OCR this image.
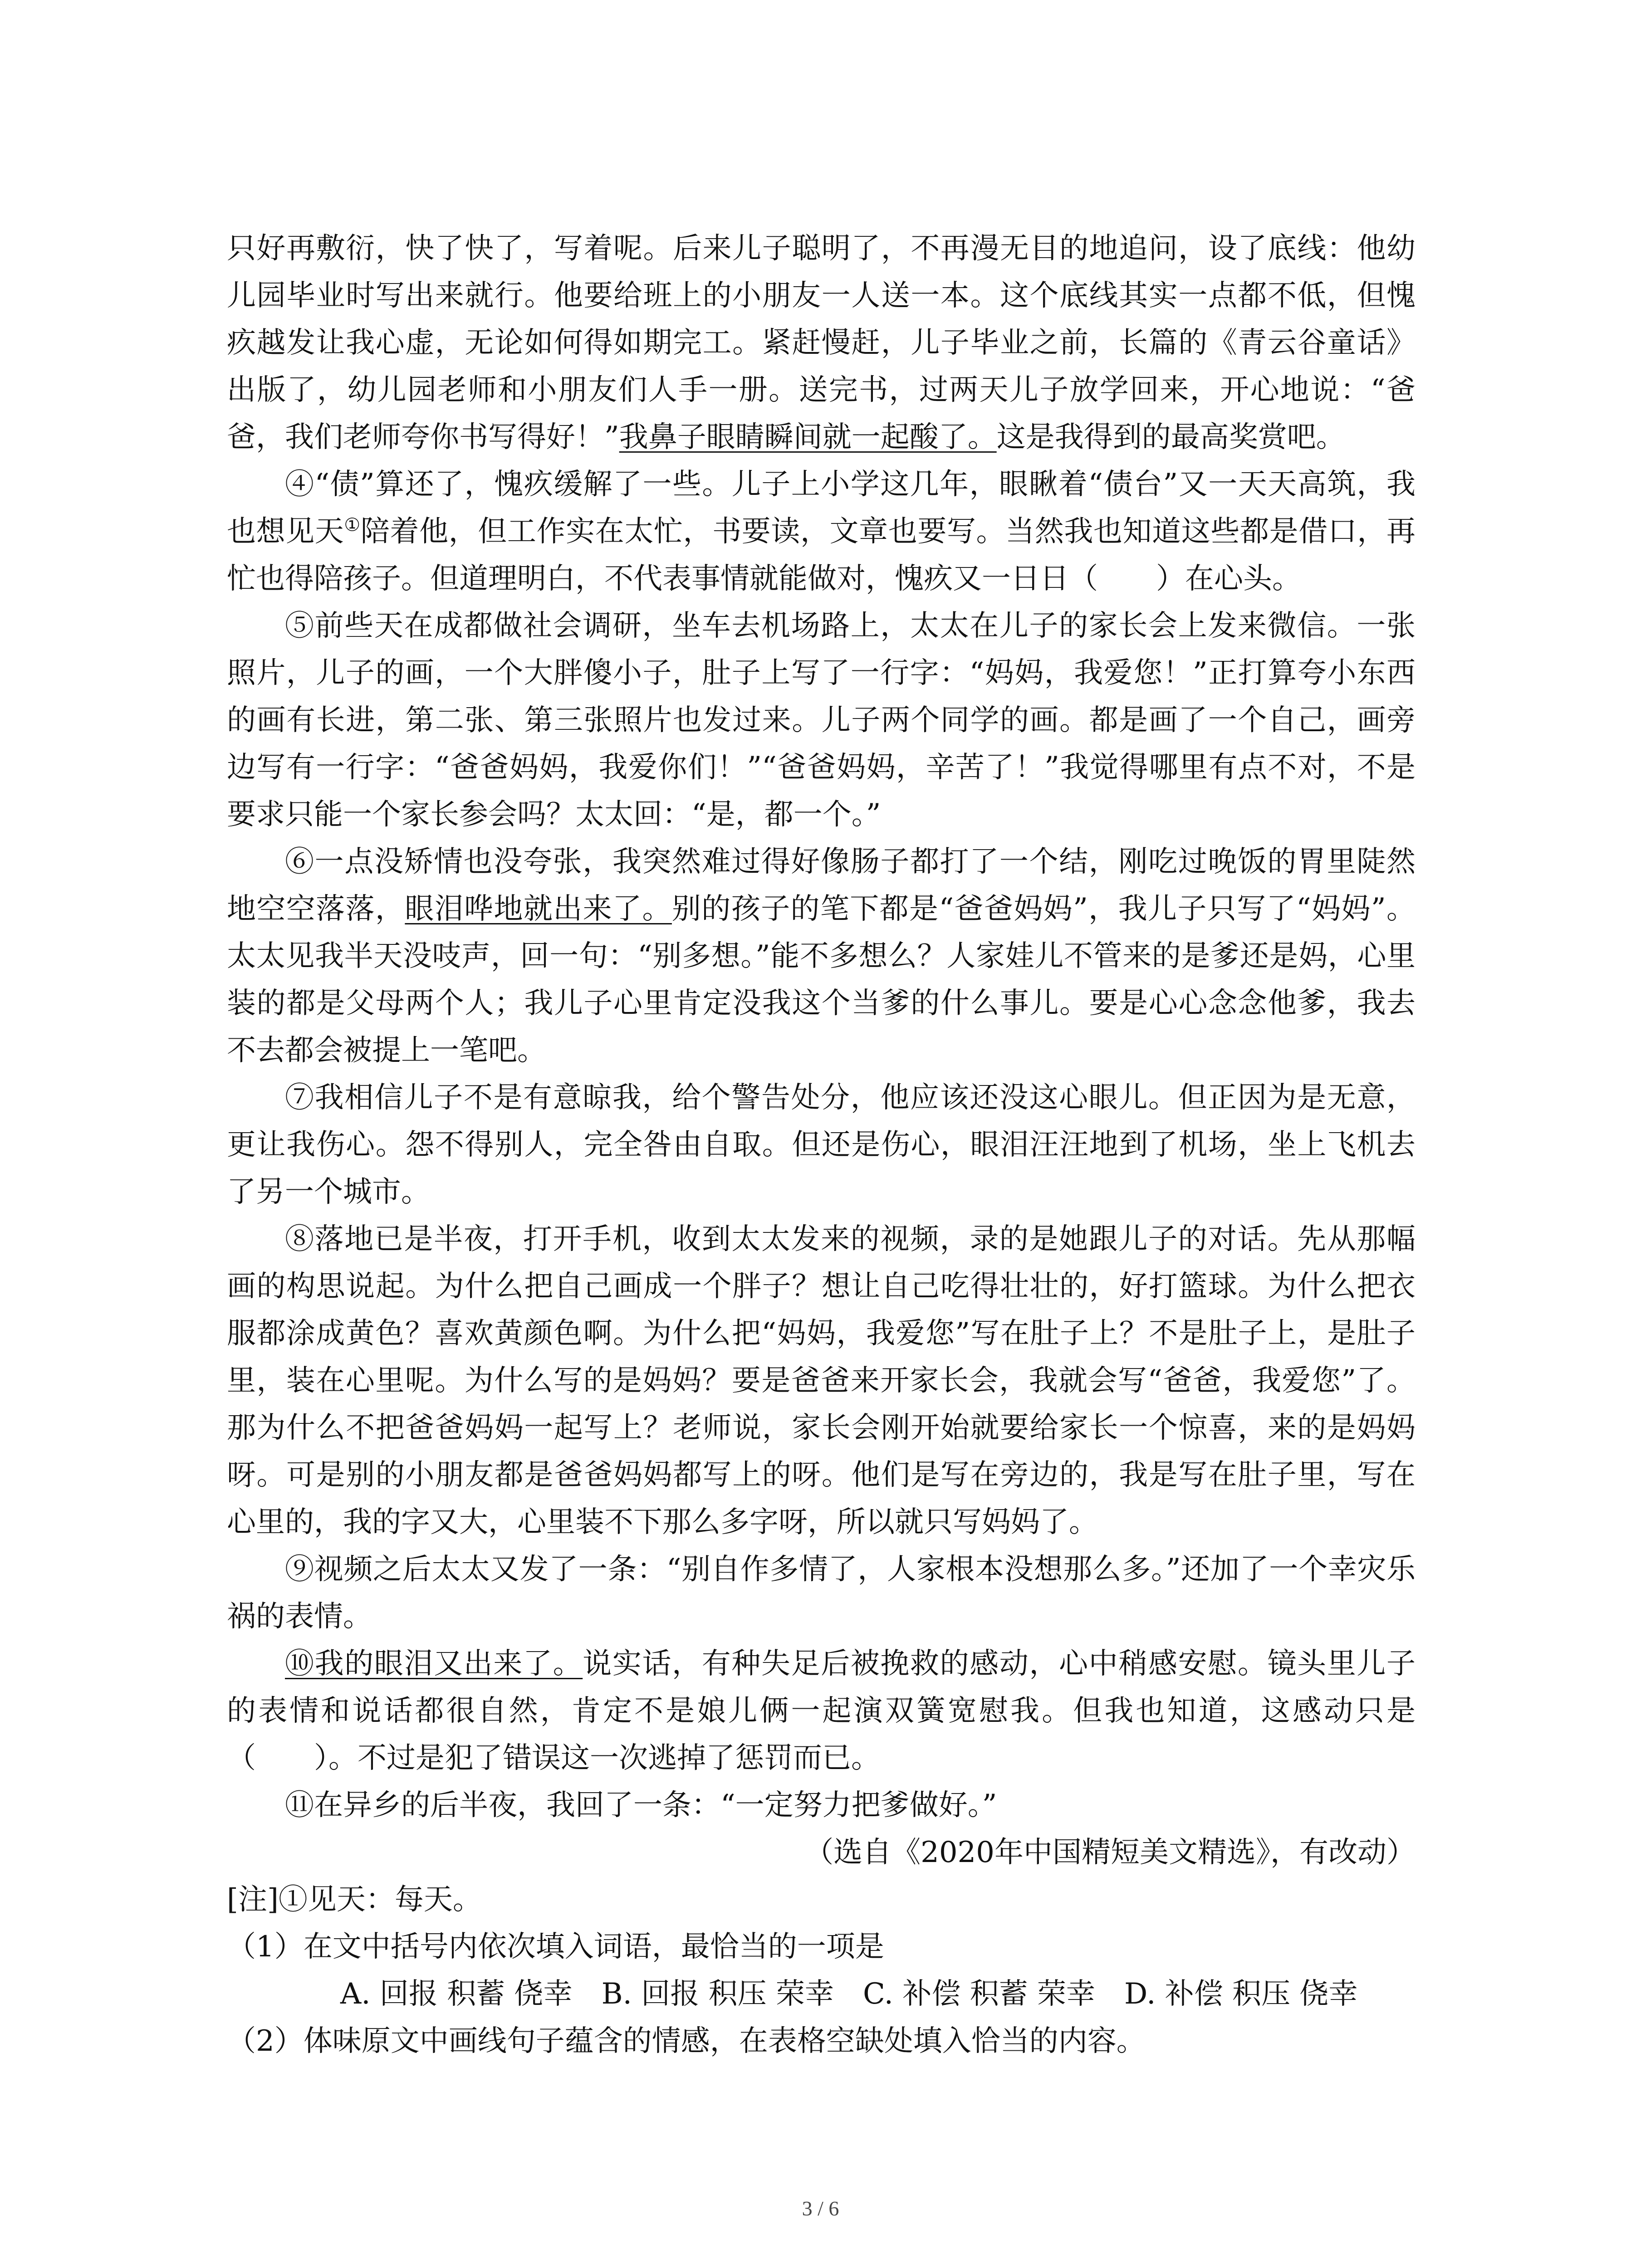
只好再敷衍，快了快了，写着呢。后来儿子聪明了，不再漫无目的地追问，设了底线：他幼儿园毕业时写出来就行。他要给班上的小朋友一人送一本。这个底线其实一点都不低，但愧疚越发让我心虚，无论如何得如期完工。紧赶慢赶，儿子毕业之前，长篇的《青云谷童话》出版了，幼儿园老师和小朋友们人手一册。送完书，过两天儿子放学回来，开心地说：“爸爸，我们老师夸你书写得好！”我鼻子眼睛瞬间就一起酸了。这是我得到的最高奖赏吧。

④“债”算还了，愧疚缓解了一些。儿子上小学这几年，眼瞅着“债台”又一天天高筑，我也想见天①陪着他，但工作实在太忙，书要读，文章也要写。当然我也知道这些都是借口，再忙也得陪孩子。但道理明白，不代表事情就能做对，愧疚又一日日（　　）在心头。

⑤前些天在成都做社会调研，坐车去机场路上，太太在儿子的家长会上发来微信。一张照片，儿子的画，一个大胖傻小子，肚子上写了一行字：“妈妈，我爱您！”正打算夸小东西的画有长进，第二张、第三张照片也发过来。儿子两个同学的画。都是画了一个自己，画旁边写有一行字：“爸爸妈妈，我爱你们！”“爸爸妈妈，辛苦了！”我觉得哪里有点不对，不是要求只能一个家长参会吗？太太回：“是，都一个。”

⑥一点没矫情也没夸张，我突然难过得好像肠子都打了一个结，刚吃过晚饭的胃里陡然地空空落落，眼泪哗地就出来了。别的孩子的笔下都是“爸爸妈妈”，我儿子只写了“妈妈”。太太见我半天没吱声，回一句：“别多想。”能不多想么？人家娃儿不管来的是爹还是妈，心里装的都是父母两个人；我儿子心里肯定没我这个当爹的什么事儿。要是心心念念他爹，我去不去都会被提上一笔吧。

⑦我相信儿子不是有意晾我，给个警告处分，他应该还没这心眼儿。但正因为是无意，更让我伤心。怨不得别人，完全咎由自取。但还是伤心，眼泪汪汪地到了机场，坐上飞机去了另一个城市。

⑧落地已是半夜，打开手机，收到太太发来的视频，录的是她跟儿子的对话。先从那幅画的构思说起。为什么把自己画成一个胖子？想让自己吃得壮壮的，好打篮球。为什么把衣服都涂成黄色？喜欢黄颜色啊。为什么把“妈妈，我爱您”写在肚子上？不是肚子上，是肚子里，装在心里呢。为什么写的是妈妈？要是爸爸来开家长会，我就会写“爸爸，我爱您”了。那为什么不把爸爸妈妈一起写上？老师说，家长会刚开始就要给家长一个惊喜，来的是妈妈呀。可是别的小朋友都是爸爸妈妈都写上的呀。他们是写在旁边的，我是写在肚子里，写在心里的，我的字又大，心里装不下那么多字呀，所以就只写妈妈了。

⑨视频之后太太又发了一条：“别自作多情了，人家根本没想那么多。”还加了一个幸灾乐祸的表情。

⑩我的眼泪又出来了。说实话，有种失足后被挽救的感动，心中稍感安慰。镜头里儿子的表情和说话都很自然，肯定不是娘儿俩一起演双簧宽慰我。但我也知道，这感动只是（　　）。不过是犯了错误这一次逃掉了惩罚而已。

⑪在异乡的后半夜，我回了一条：“一定努力把爹做好。”

（选自《2020年中国精短美文精选》，有改动）

[注]①见天：每天。

（1）在文中括号内依次填入词语，最恰当的一项是

A. 回报 积蓄 侥幸　B. 回报 积压 荣幸　C. 补偿 积蓄 荣幸　D. 补偿 积压 侥幸

（2）体味原文中画线句子蕴含的情感，在表格空缺处填入恰当的内容。

3 / 6
